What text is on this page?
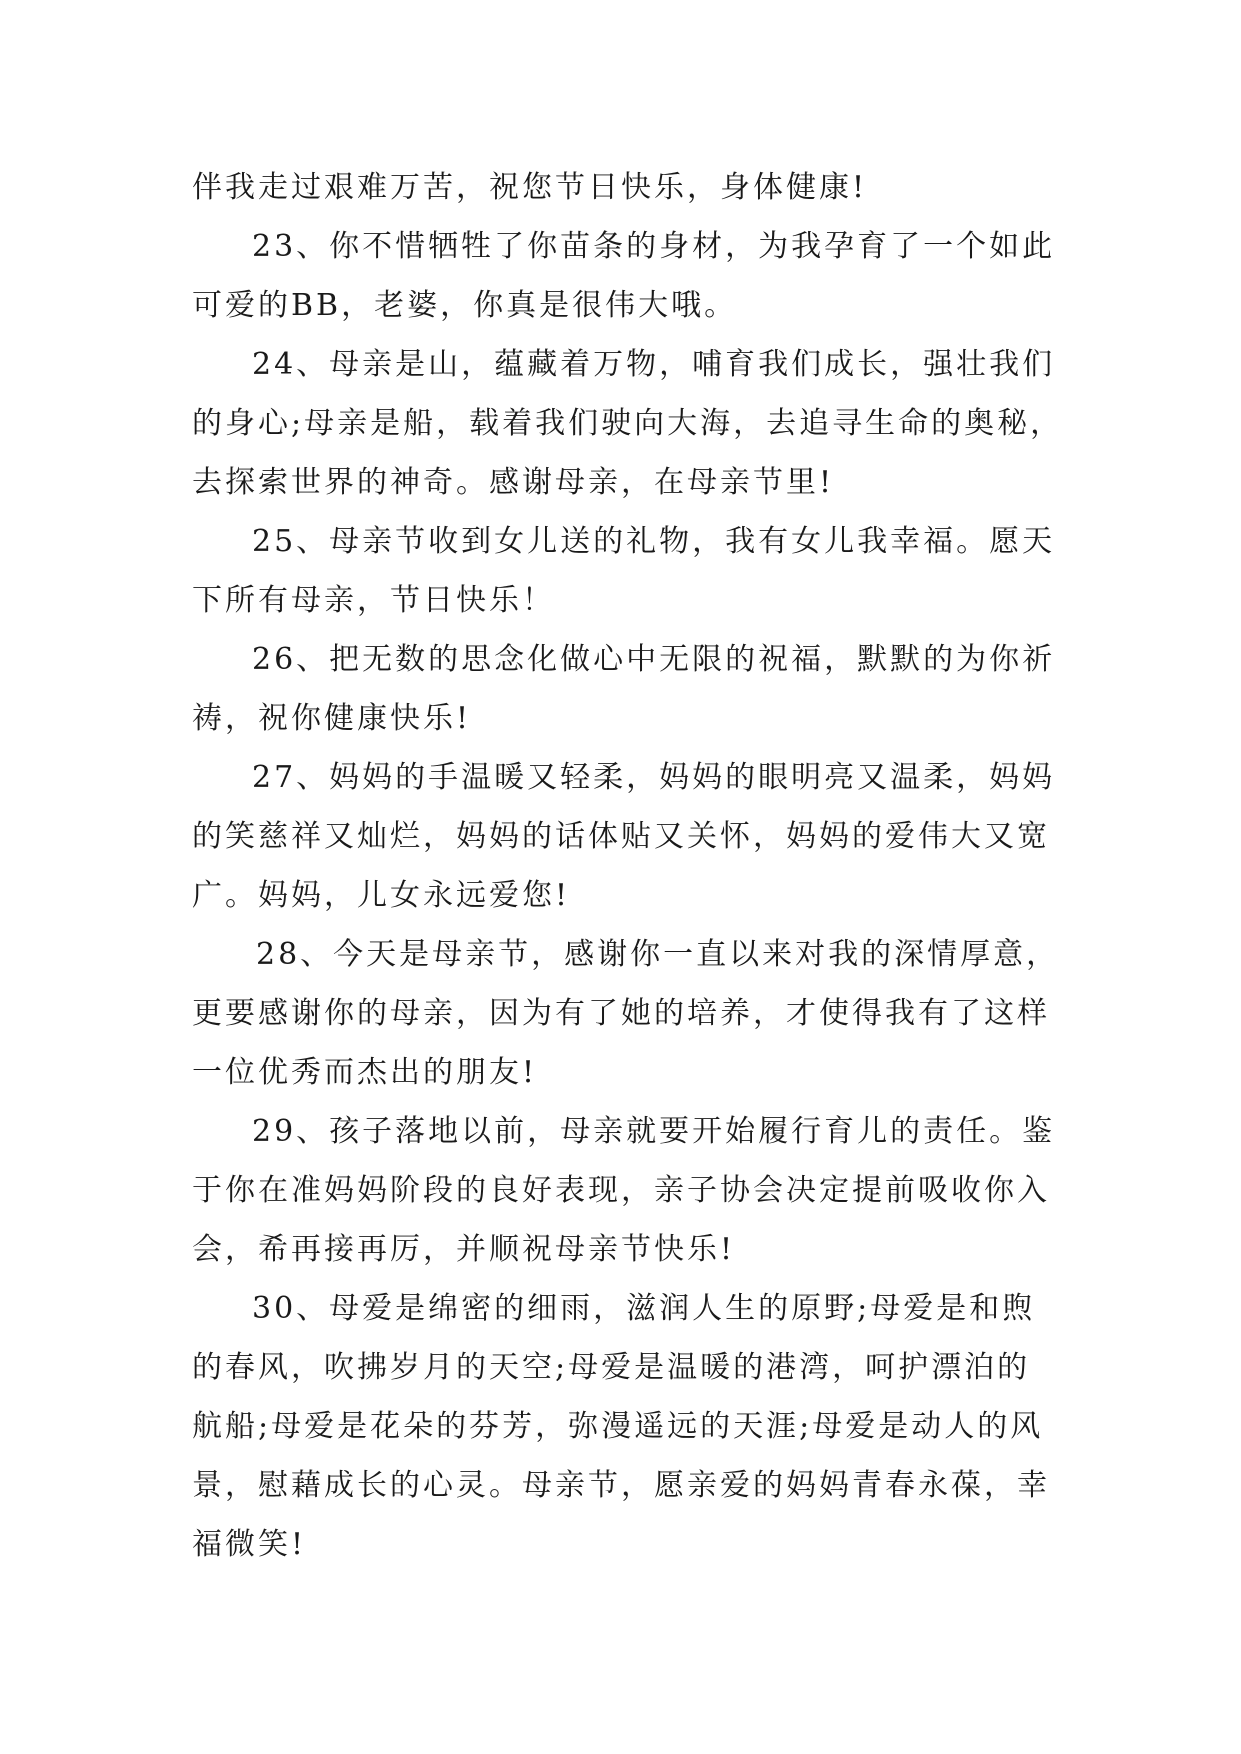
伴我走过艰难万苦，祝您节日快乐，身体健康!
23、你不惜牺牲了你苗条的身材，为我孕育了一个如此
可爱的BB，老婆，你真是很伟大哦。
24、母亲是山，蕴藏着万物，哺育我们成长，强壮我们
的身心;母亲是船，载着我们驶向大海，去追寻生命的奥秘，
去探索世界的神奇。感谢母亲，在母亲节里!
25、母亲节收到女儿送的礼物，我有女儿我幸福。愿天
下所有母亲，节日快乐！
26、把无数的思念化做心中无限的祝福，默默的为你祈
祷，祝你健康快乐!
27、妈妈的手温暖又轻柔，妈妈的眼明亮又温柔，妈妈
的笑慈祥又灿烂，妈妈的话体贴又关怀，妈妈的爱伟大又宽
广。妈妈，儿女永远爱您!
28、今天是母亲节，感谢你一直以来对我的深情厚意，
更要感谢你的母亲，因为有了她的培养，才使得我有了这样
一位优秀而杰出的朋友!
29、孩子落地以前，母亲就要开始履行育儿的责任。鉴
于你在准妈妈阶段的良好表现，亲子协会决定提前吸收你入
会，希再接再厉，并顺祝母亲节快乐!
30、母爱是绵密的细雨，滋润人生的原野;母爱是和煦
的春风，吹拂岁月的天空;母爱是温暖的港湾，呵护漂泊的
航船;母爱是花朵的芬芳，弥漫遥远的天涯;母爱是动人的风
景，慰藉成长的心灵。母亲节，愿亲爱的妈妈青春永葆，幸
福微笑!
